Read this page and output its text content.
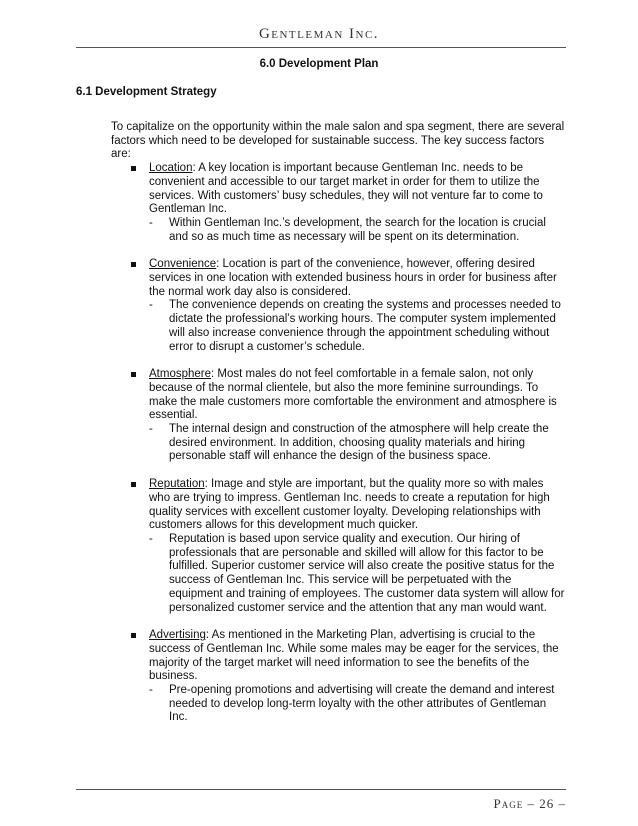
Gentleman Inc.
6.0 Development Plan
6.1 Development Strategy

To capitalize on the opportunity within the male salon and spa segment, there are several factors which need to be developed for sustainable success. The key success factors are:

Location: A key location is important because Gentleman Inc. needs to be convenient and accessible to our target market in order for them to utilize the services. With customers’ busy schedules, they will not venture far to come to Gentleman Inc.
- Within Gentleman Inc.’s development, the search for the location is crucial and so as much time as necessary will be spent on its determination.
Convenience: Location is part of the convenience, however, offering desired services in one location with extended business hours in order for business after the normal work day also is considered.
- The convenience depends on creating the systems and processes needed to dictate the professional’s working hours. The computer system implemented will also increase convenience through the appointment scheduling without error to disrupt a customer’s schedule.
Atmosphere: Most males do not feel comfortable in a female salon, not only because of the normal clientele, but also the more feminine surroundings. To make the male customers more comfortable the environment and atmosphere is essential.
- The internal design and construction of the atmosphere will help create the desired environment. In addition, choosing quality materials and hiring personable staff will enhance the design of the business space.
Reputation: Image and style are important, but the quality more so with males who are trying to impress. Gentleman Inc. needs to create a reputation for high quality services with excellent customer loyalty. Developing relationships with customers allows for this development much quicker.
- Reputation is based upon service quality and execution. Our hiring of professionals that are personable and skilled will allow for this factor to be fulfilled. Superior customer service will also create the positive status for the success of Gentleman Inc. This service will be perpetuated with the equipment and training of employees. The customer data system will allow for personalized customer service and the attention that any man would want.
Advertising: As mentioned in the Marketing Plan, advertising is crucial to the success of Gentleman Inc. While some males may be eager for the services, the majority of the target market will need information to see the benefits of the business.
- Pre-opening promotions and advertising will create the demand and interest needed to develop long-term loyalty with the other attributes of Gentleman Inc.
Page – 26 –
